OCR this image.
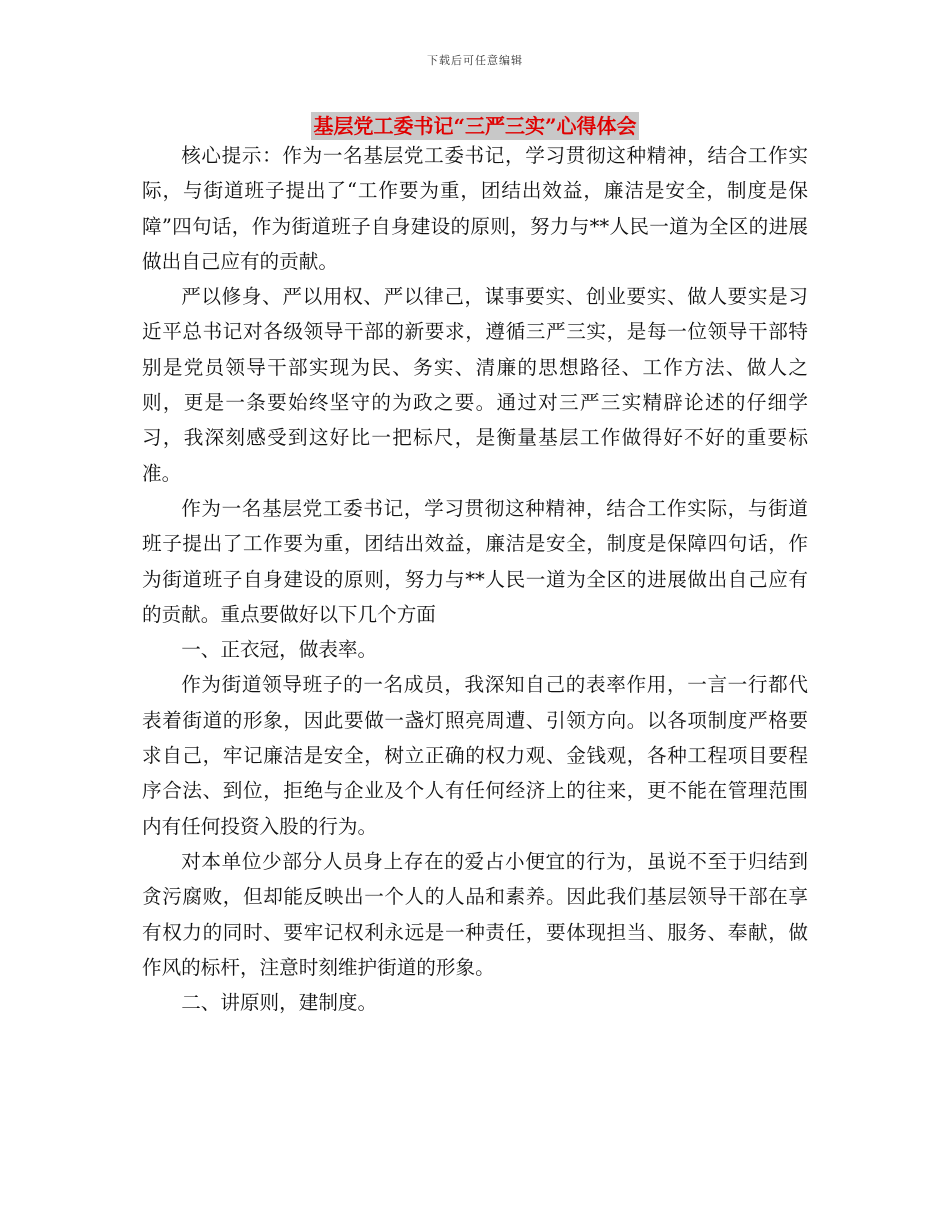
下载后可任意编辑
基层党工委书记“三严三实”心得体会

核心提示：作为一名基层党工委书记，学习贯彻这种精神，结合工作实际，与街道班子提出了“工作要为重，团结出效益，廉洁是安全，制度是保障”四句话，作为街道班子自身建设的原则，努力与**人民一道为全区的进展做出自己应有的贡献。

严以修身、严以用权、严以律己，谋事要实、创业要实、做人要实是习近平总书记对各级领导干部的新要求，遵循三严三实，是每一位领导干部特别是党员领导干部实现为民、务实、清廉的思想路径、工作方法、做人之则，更是一条要始终坚守的为政之要。通过对三严三实精辟论述的仔细学习，我深刻感受到这好比一把标尺，是衡量基层工作做得好不好的重要标准。

作为一名基层党工委书记，学习贯彻这种精神，结合工作实际，与街道班子提出了工作要为重，团结出效益，廉洁是安全，制度是保障四句话，作为街道班子自身建设的原则，努力与**人民一道为全区的进展做出自己应有的贡献。重点要做好以下几个方面

一、正衣冠，做表率。

作为街道领导班子的一名成员，我深知自己的表率作用，一言一行都代表着街道的形象，因此要做一盏灯照亮周遭、引领方向。以各项制度严格要求自己，牢记廉洁是安全，树立正确的权力观、金钱观，各种工程项目要程序合法、到位，拒绝与企业及个人有任何经济上的往来，更不能在管理范围内有任何投资入股的行为。

对本单位少部分人员身上存在的爱占小便宜的行为，虽说不至于归结到贪污腐败，但却能反映出一个人的人品和素养。因此我们基层领导干部在享有权力的同时、要牢记权利永远是一种责任，要体现担当、服务、奉献，做作风的标杆，注意时刻维护街道的形象。

二、讲原则，建制度。
